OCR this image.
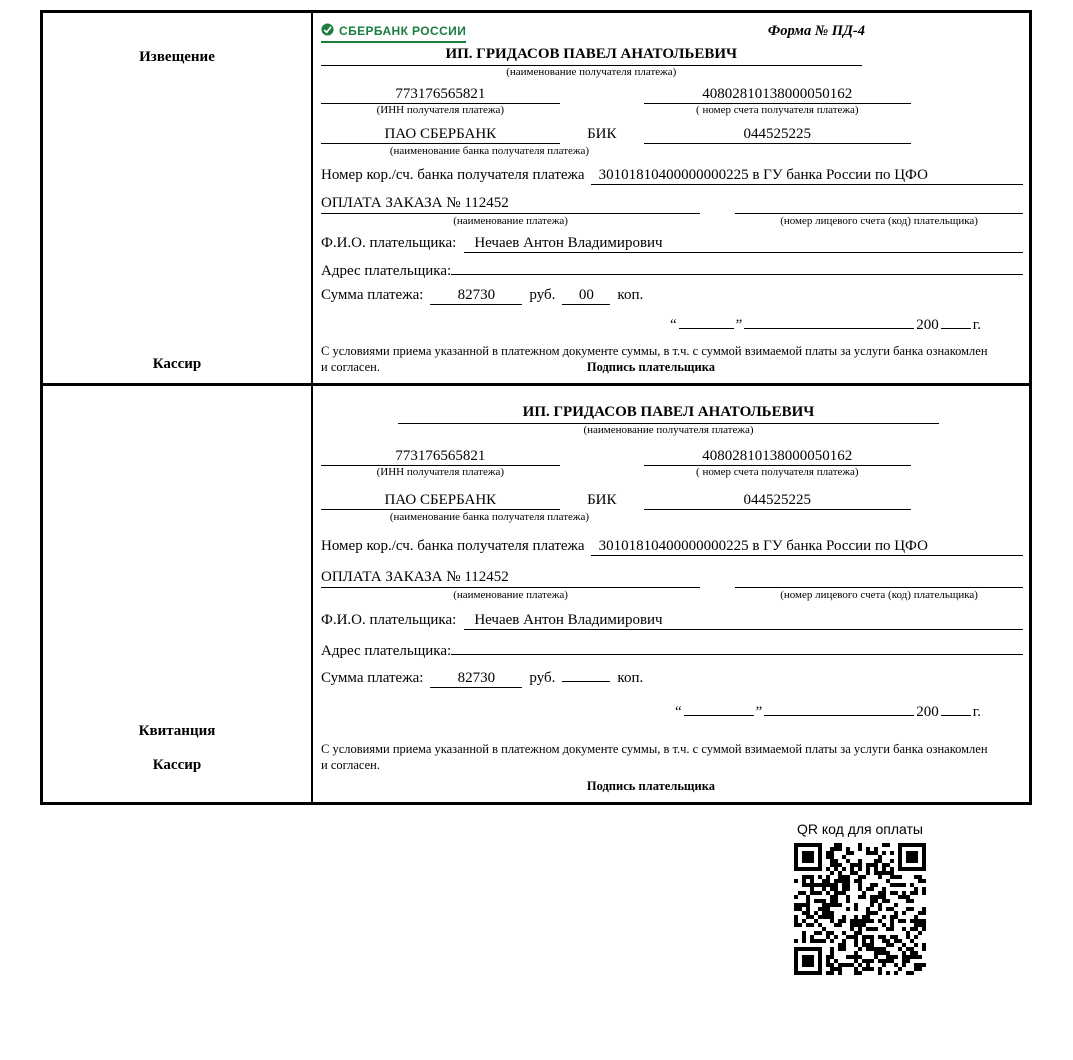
Извещение
Кассир
СБЕРБАНК РОССИИ	Форма № ПД-4
ИП. ГРИДАСОВ ПАВЕЛ АНАТОЛЬЕВИЧ
(наименование получателя платежа)
773176565821
(ИНН получателя платежа)
40802810138000050162
( номер счета получателя платежа)
ПАО СБЕРБАНК	БИК	044525225
(наименование банка получателя платежа)
Номер кор./сч. банка получателя платежа 30101810400000000225 в ГУ банка России по ЦФО
ОПЛАТА ЗАКАЗА № 112452
(наименование платежа)	(номер лицевого счета (код) плательщика)
Ф.И.О. плательщика:	Нечаев Антон Владимирович
Адрес плательщика:
Сумма платежа:	82730	руб.	00	коп.
“	”	200 г.
С условиями приема указанной в платежном документе суммы, в т.ч. с суммой взимаемой платы за услуги банка ознакомлен и согласен.	Подпись плательщика
Квитанция
Кассир
ИП. ГРИДАСОВ ПАВЕЛ АНАТОЛЬЕВИЧ
(наименование получателя платежа)
773176565821
(ИНН получателя платежа)
40802810138000050162
( номер счета получателя платежа)
ПАО СБЕРБАНК	БИК	044525225
(наименование банка получателя платежа)
Номер кор./сч. банка получателя платежа 30101810400000000225 в ГУ банка России по ЦФО
ОПЛАТА ЗАКАЗА № 112452
(наименование платежа)	(номер лицевого счета (код) плательщика)
Ф.И.О. плательщика:	Нечаев Антон Владимирович
Адрес плательщика:
Сумма платежа:	82730	руб.	коп.
“	”	200 г.
С условиями приема указанной в платежном документе суммы, в т.ч. с суммой взимаемой платы за услуги банка ознакомлен и согласен.
Подпись плательщика
QR код для оплаты
